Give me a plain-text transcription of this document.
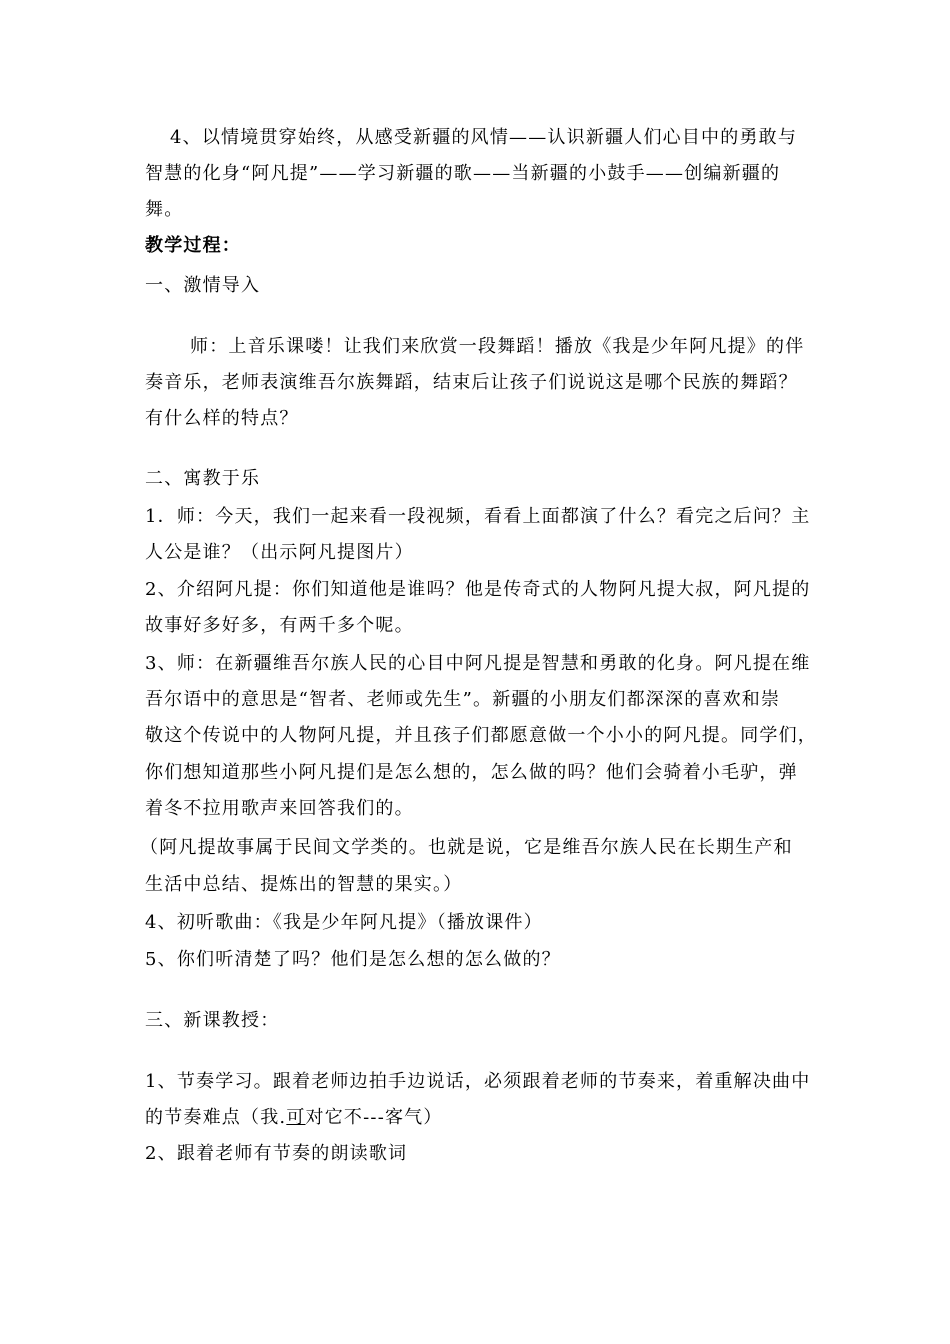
4、以情境贯穿始终，从感受新疆的风情——认识新疆人们心目中的勇敢与
智慧的化身“阿凡提”——学习新疆的歌——当新疆的小鼓手——创编新疆的
舞。
教学过程：
一、激情导入
师：上音乐课喽！让我们来欣赏一段舞蹈！播放《我是少年阿凡提》的伴
奏音乐，老师表演维吾尔族舞蹈，结束后让孩子们说说这是哪个民族的舞蹈？
有什么样的特点？
二、寓教于乐
1．师：今天，我们一起来看一段视频，看看上面都演了什么？看完之后问？主
人公是谁？（出示阿凡提图片）
2、介绍阿凡提：你们知道他是谁吗？他是传奇式的人物阿凡提大叔，阿凡提的
故事好多好多，有两千多个呢。
3、师：在新疆维吾尔族人民的心目中阿凡提是智慧和勇敢的化身。阿凡提在维
吾尔语中的意思是“智者、老师或先生”。新疆的小朋友们都深深的喜欢和崇
敬这个传说中的人物阿凡提，并且孩子们都愿意做一个小小的阿凡提。同学们，
你们想知道那些小阿凡提们是怎么想的，怎么做的吗？他们会骑着小毛驴，弹
着冬不拉用歌声来回答我们的。
（阿凡提故事属于民间文学类的。也就是说，它是维吾尔族人民在长期生产和
生活中总结、提炼出的智慧的果实。）
4、初听歌曲：《我是少年阿凡提》（播放课件）
5、你们听清楚了吗？他们是怎么想的怎么做的？
三、新课教授：
1、节奏学习。跟着老师边拍手边说话，必须跟着老师的节奏来，着重解决曲中
的节奏难点（我.可对它不---客气）
2、跟着老师有节奏的朗读歌词
